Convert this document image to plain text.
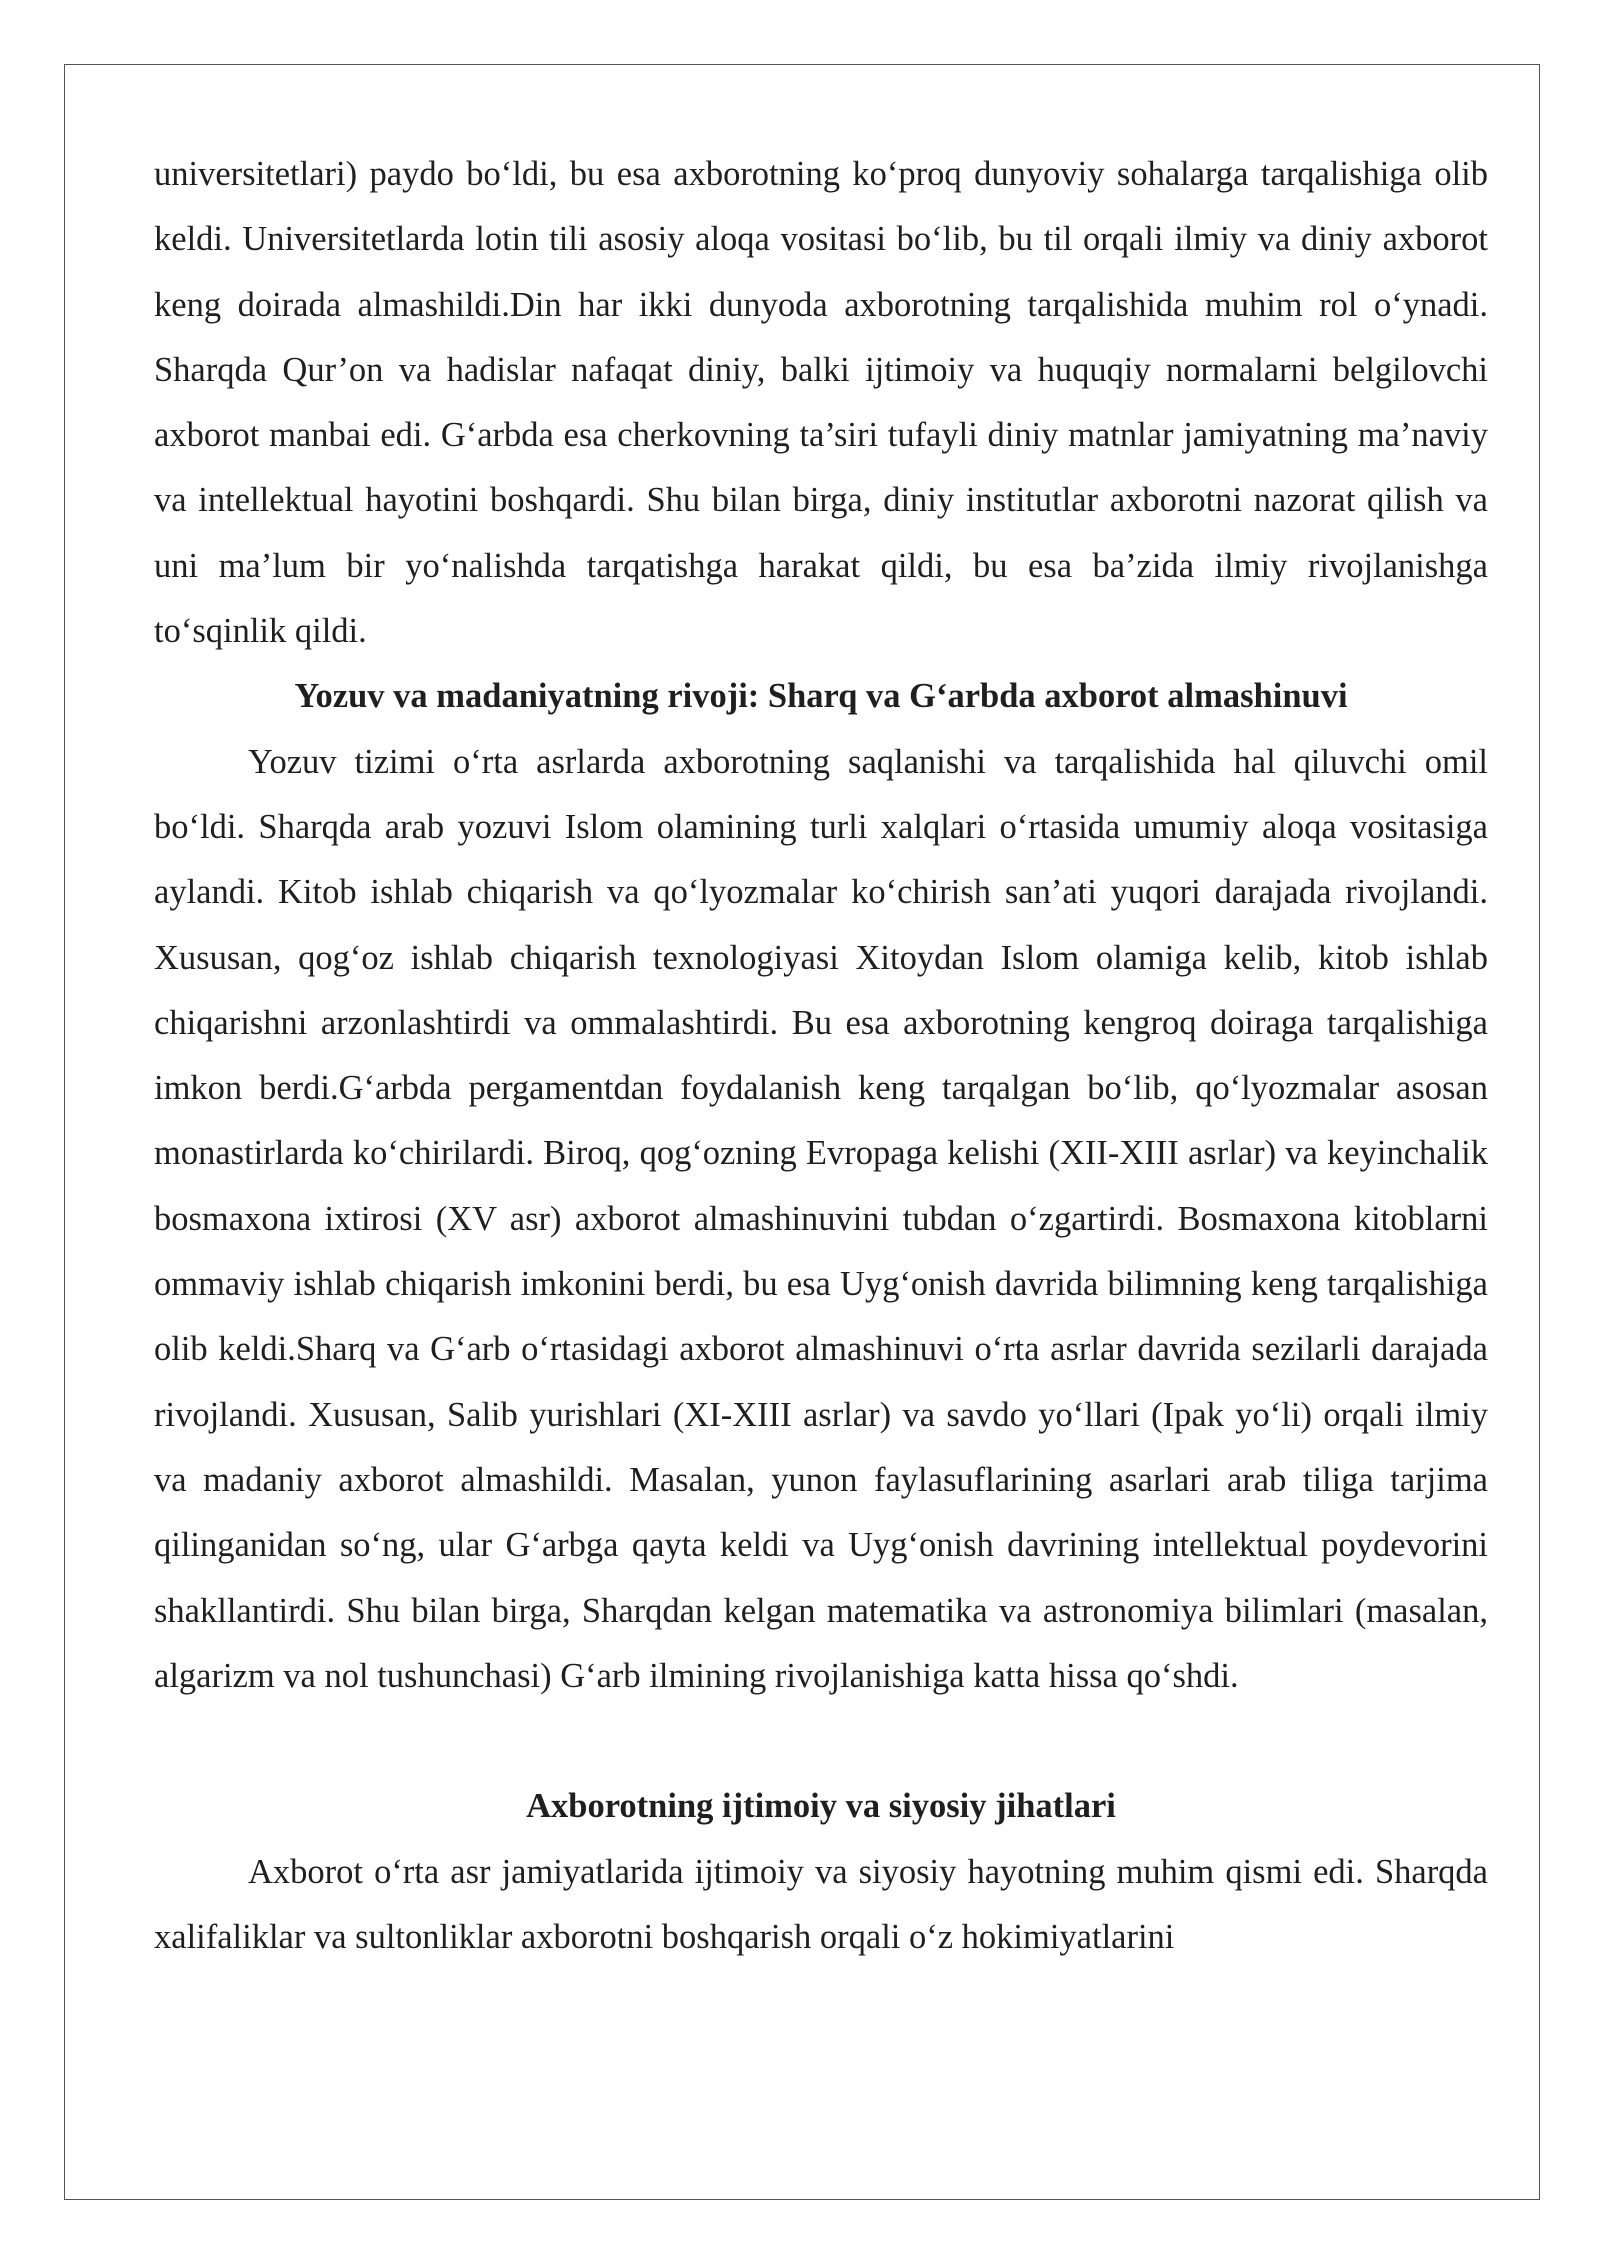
universitetlari) paydo bo‘ldi, bu esa axborotning ko‘proq dunyoviy sohalarga tarqalishiga olib keldi. Universitetlarda lotin tili asosiy aloqa vositasi bo‘lib, bu til orqali ilmiy va diniy axborot keng doirada almashildi.Din har ikki dunyoda axborotning tarqalishida muhim rol o‘ynadi. Sharqda Qur’on va hadislar nafaqat diniy, balki ijtimoiy va huquqiy normalarni belgilovchi axborot manbai edi. G‘arbda esa cherkovning ta’siri tufayli diniy matnlar jamiyatning ma’naviy va intellektual hayotini boshqardi. Shu bilan birga, diniy institutlar axborotni nazorat qilish va uni ma’lum bir yo‘nalishda tarqatishga harakat qildi, bu esa ba’zida ilmiy rivojlanishga to‘sqinlik qildi.

Yozuv va madaniyatning rivoji: Sharq va G‘arbda axborot almashinuvi

Yozuv tizimi o‘rta asrlarda axborotning saqlanishi va tarqalishida hal qiluvchi omil bo‘ldi. Sharqda arab yozuvi Islom olamining turli xalqlari o‘rtasida umumiy aloqa vositasiga aylandi. Kitob ishlab chiqarish va qo‘lyozmalar ko‘chirish san’ati yuqori darajada rivojlandi. Xususan, qog‘oz ishlab chiqarish texnologiyasi Xitoydan Islom olamiga kelib, kitob ishlab chiqarishni arzonlashtirdi va ommalashtirdi. Bu esa axborotning kengroq doiraga tarqalishiga imkon berdi.G‘arbda pergamentdan foydalanish keng tarqalgan bo‘lib, qo‘lyozmalar asosan monastirlarda ko‘chirilardi. Biroq, qog‘ozning Evropaga kelishi (XII-XIII asrlar) va keyinchalik bosmaxona ixtirosi (XV asr) axborot almashinuvini tubdan o‘zgartirdi. Bosmaxona kitoblarni ommaviy ishlab chiqarish imkonini berdi, bu esa Uyg‘onish davrida bilimning keng tarqalishiga olib keldi.Sharq va G‘arb o‘rtasidagi axborot almashinuvi o‘rta asrlar davrida sezilarli darajada rivojlandi. Xususan, Salib yurishlari (XI-XIII asrlar) va savdo yo‘llari (Ipak yo‘li) orqali ilmiy va madaniy axborot almashildi. Masalan, yunon faylasuflarining asarlari arab tiliga tarjima qilinganidan so‘ng, ular G‘arbga qayta keldi va Uyg‘onish davrining intellektual poydevorini shakllantirdi. Shu bilan birga, Sharqdan kelgan matematika va astronomiya bilimlari (masalan, algarizm va nol tushunchasi) G‘arb ilmining rivojlanishiga katta hissa qo‘shdi.

Axborotning ijtimoiy va siyosiy jihatlari

Axborot o‘rta asr jamiyatlarida ijtimoiy va siyosiy hayotning muhim qismi edi. Sharqda xalifaliklar va sultonliklar axborotni boshqarish orqali o‘z hokimiyatlarini
